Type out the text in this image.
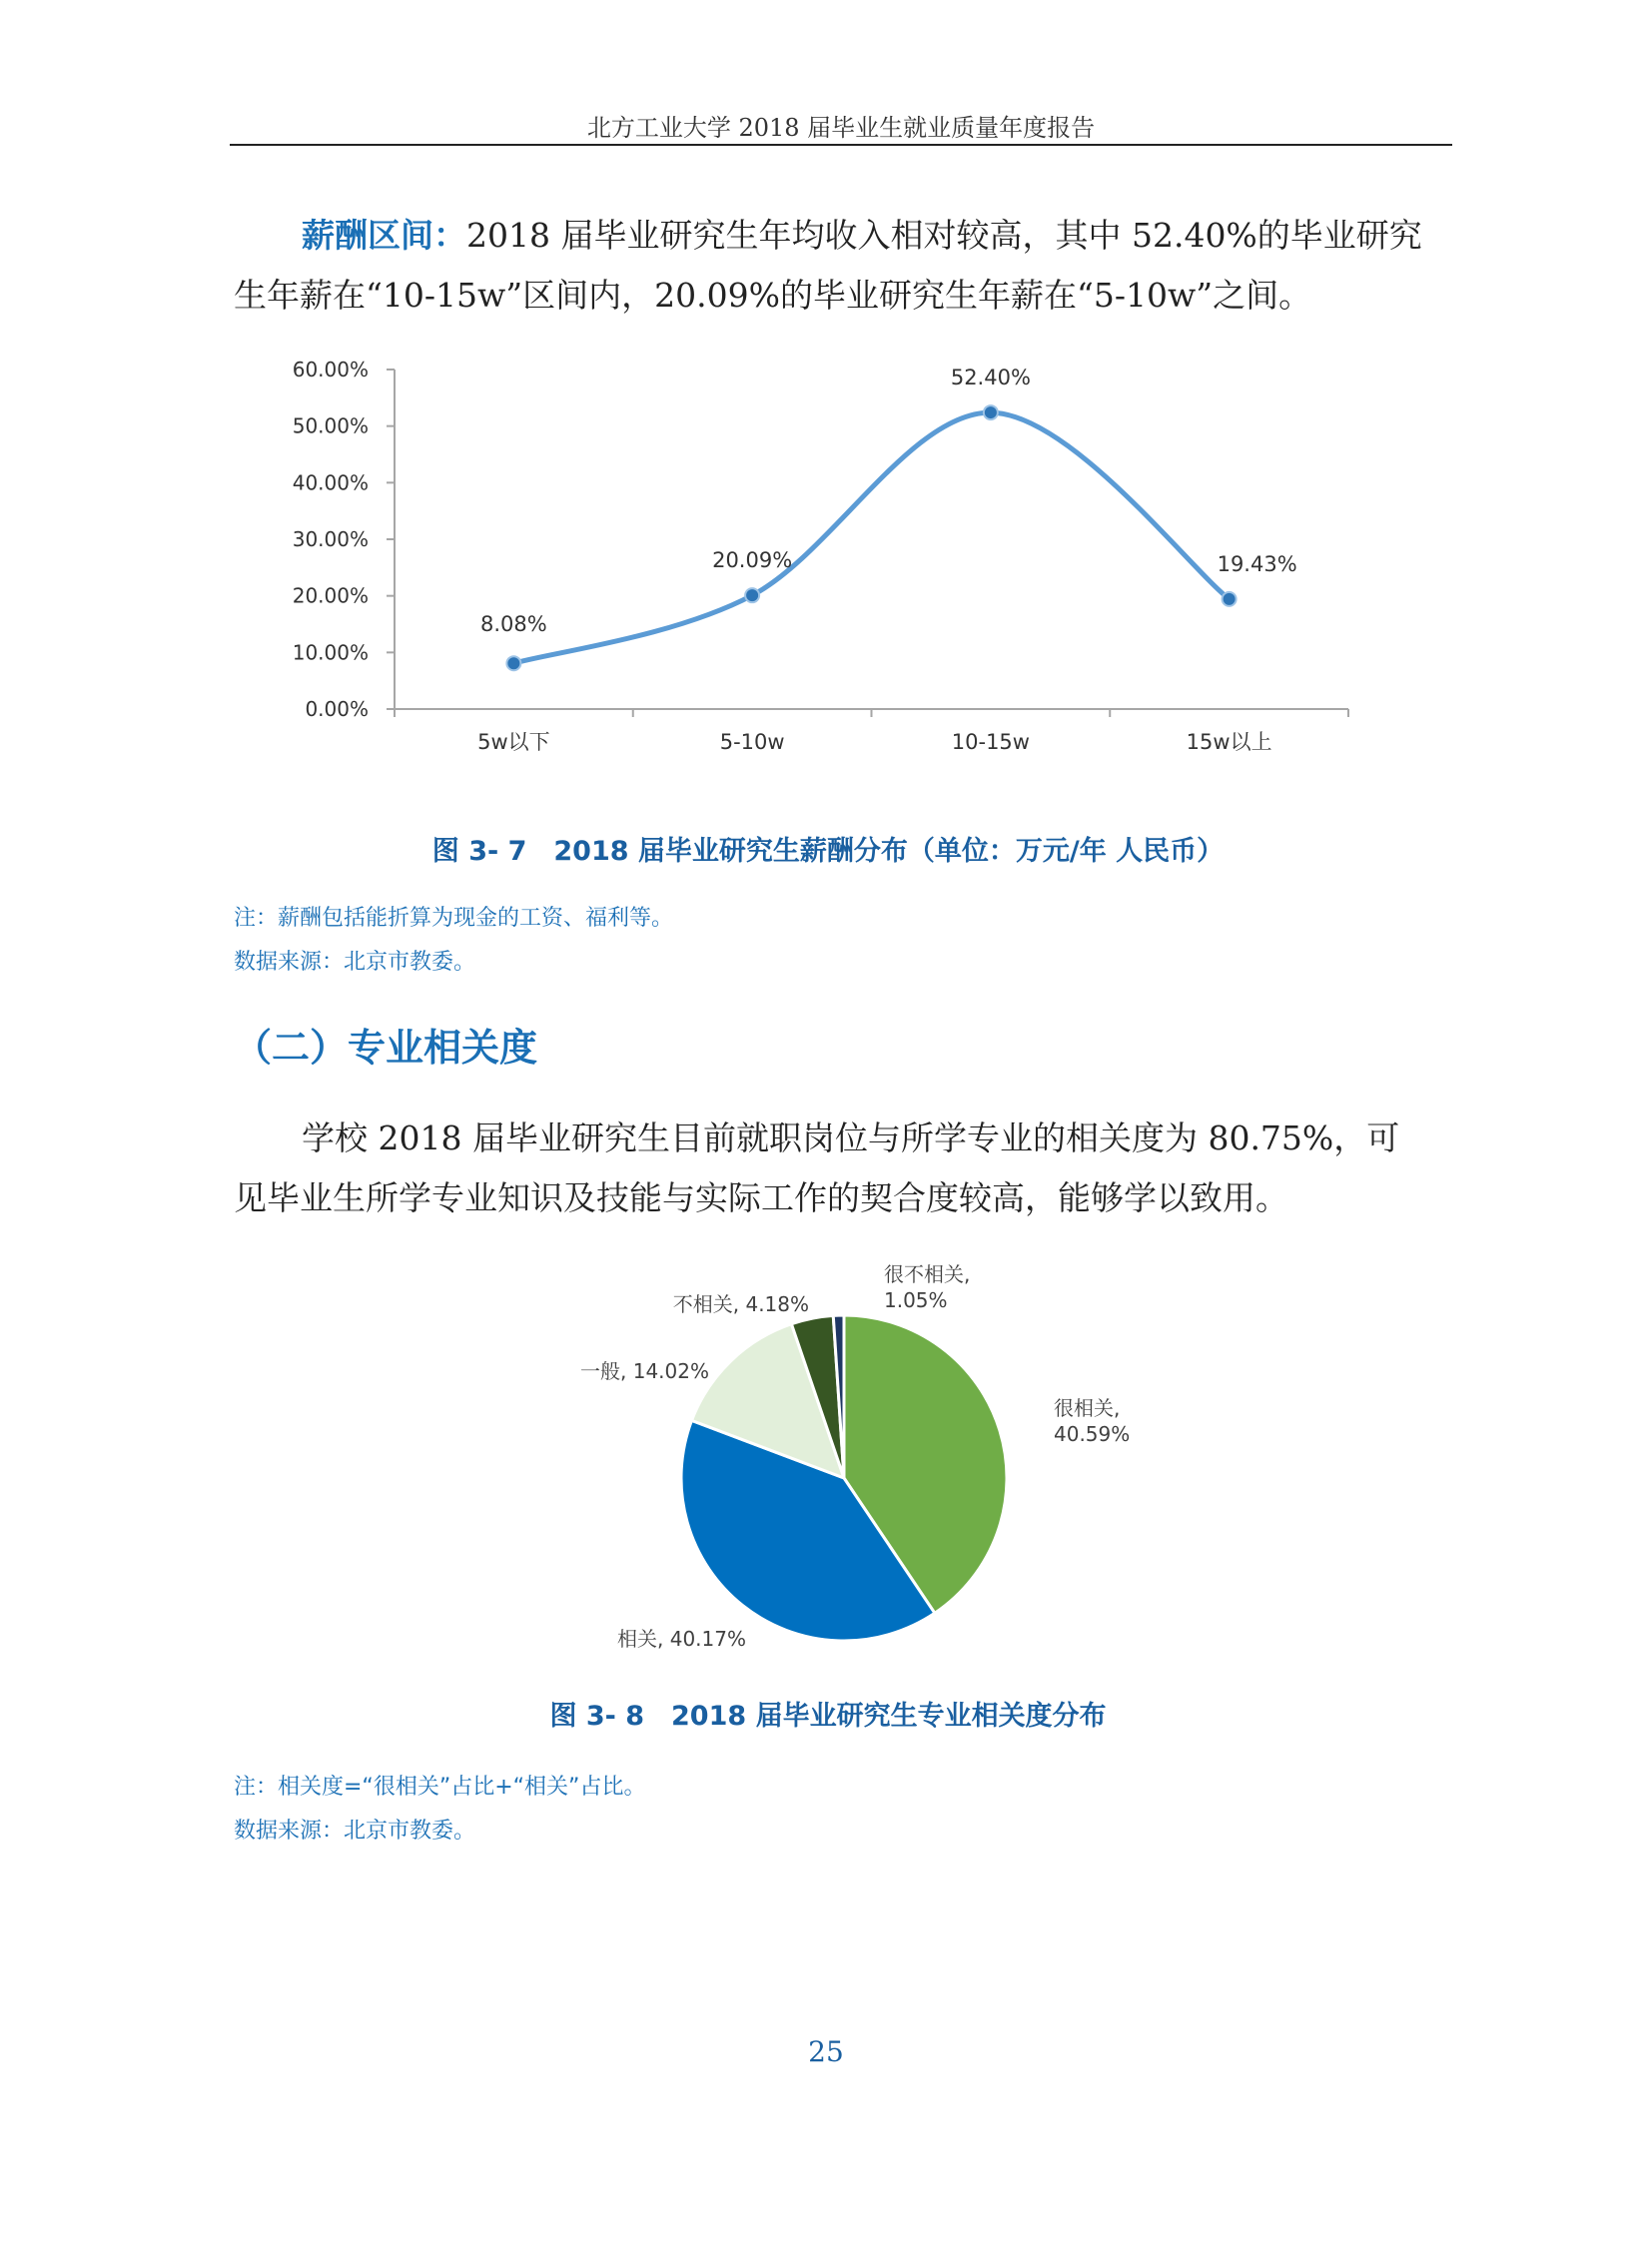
北方工业大学 2018 届毕业生就业质量年度报告
薪酬区间：2018 届毕业研究生年均收入相对较高，其中 52.40%的毕业研究生年薪在“10-15w”区间内，20.09%的毕业研究生年薪在“5-10w”之间。
0.00%
10.00%
20.00%
30.00%
40.00%
50.00%
60.00%
5w以下	5-10w	10-15w	15w以上
8.08%
20.09%
52.40%
19.43%
图 3- 7　2018 届毕业研究生薪酬分布（单位：万元/年 人民币）
注：薪酬包括能折算为现金的工资、福利等。
数据来源：北京市教委。
（二）专业相关度
学校 2018 届毕业研究生目前就职岗位与所学专业的相关度为 80.75%，可见毕业生所学专业知识及技能与实际工作的契合度较高，能够学以致用。
很相关, 40.59%
相关, 40.17%
一般, 14.02%
不相关, 4.18%
很不相关, 1.05%
图 3- 8　2018 届毕业研究生专业相关度分布
注：相关度=“很相关”占比+“相关”占比。
数据来源：北京市教委。
25
